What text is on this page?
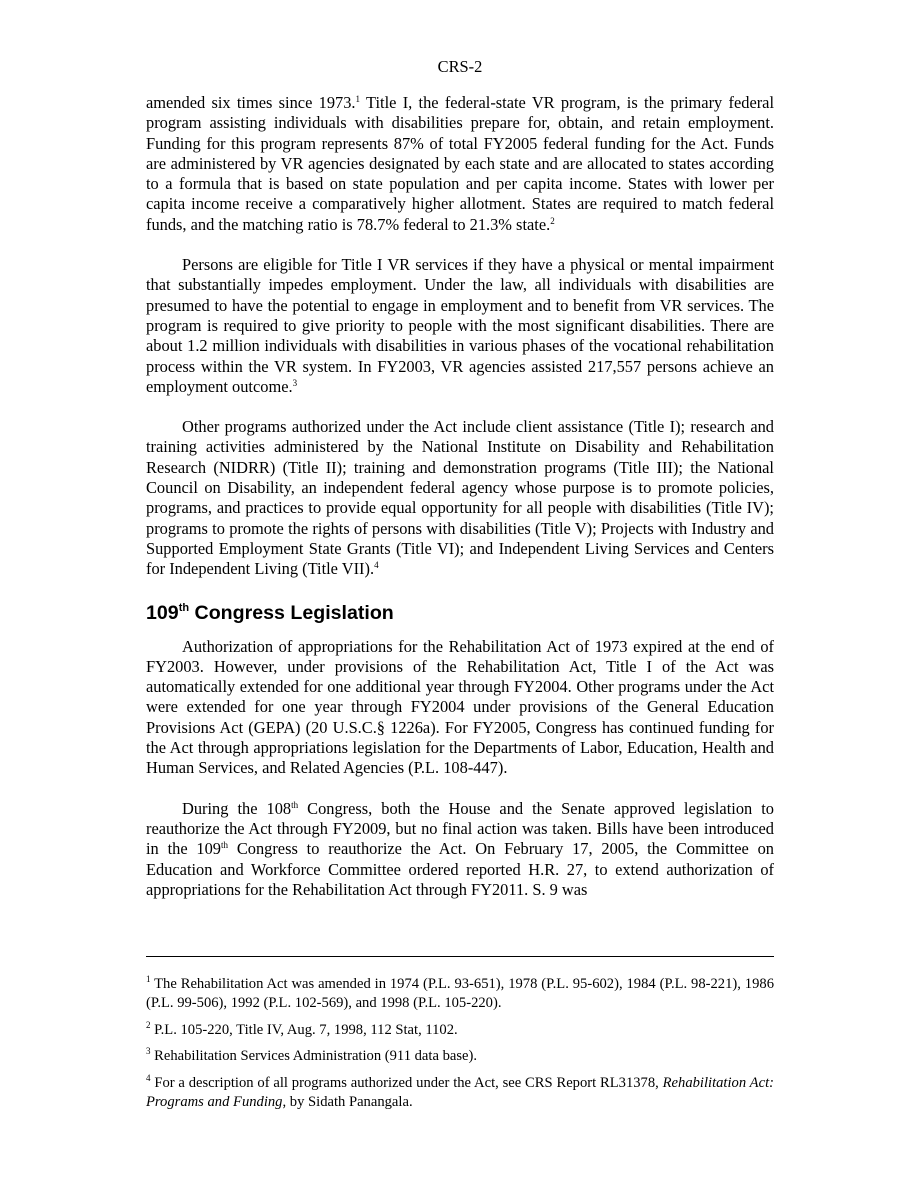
CRS-2

amended six times since 1973.$^1$ Title I, the federal-state VR program, is the primary federal program assisting individuals with disabilities prepare for, obtain, and retain employment. Funding for this program represents 87% of total FY2005 federal funding for the Act. Funds are administered by VR agencies designated by each state and are allocated to states according to a formula that is based on state population and per capita income. States with lower per capita income receive a comparatively higher allotment. States are required to match federal funds, and the matching ratio is 78.7% federal to 21.3% state.$^2$

Persons are eligible for Title I VR services if they have a physical or mental impairment that substantially impedes employment. Under the law, all individuals with disabilities are presumed to have the potential to engage in employment and to benefit from VR services. The program is required to give priority to people with the most significant disabilities. There are about 1.2 million individuals with disabilities in various phases of the vocational rehabilitation process within the VR system. In FY2003, VR agencies assisted 217,557 persons achieve an employment outcome.$^3$

Other programs authorized under the Act include client assistance (Title I); research and training activities administered by the National Institute on Disability and Rehabilitation Research (NIDRR) (Title II); training and demonstration programs (Title III); the National Council on Disability, an independent federal agency whose purpose is to promote policies, programs, and practices to provide equal opportunity for all people with disabilities (Title IV); programs to promote the rights of persons with disabilities (Title V); Projects with Industry and Supported Employment State Grants (Title VI); and Independent Living Services and Centers for Independent Living (Title VII).$^4$

109th Congress Legislation

Authorization of appropriations for the Rehabilitation Act of 1973 expired at the end of FY2003. However, under provisions of the Rehabilitation Act, Title I of the Act was automatically extended for one additional year through FY2004. Other programs under the Act were extended for one year through FY2004 under provisions of the General Education Provisions Act (GEPA) (20 U.S.C.§ 1226a). For FY2005, Congress has continued funding for the Act through appropriations legislation for the Departments of Labor, Education, Health and Human Services, and Related Agencies (P.L. 108-447).

During the 108th Congress, both the House and the Senate approved legislation to reauthorize the Act through FY2009, but no final action was taken. Bills have been introduced in the 109th Congress to reauthorize the Act. On February 17, 2005, the Committee on Education and Workforce Committee ordered reported H.R. 27, to extend authorization of appropriations for the Rehabilitation Act through FY2011. S. 9 was

$^1$ The Rehabilitation Act was amended in 1974 (P.L. 93-651), 1978 (P.L. 95-602), 1984 (P.L. 98-221), 1986 (P.L. 99-506), 1992 (P.L. 102-569), and 1998 (P.L. 105-220).

$^2$ P.L. 105-220, Title IV, Aug. 7, 1998, 112 Stat, 1102.

$^3$ Rehabilitation Services Administration (911 data base).

$^4$ For a description of all programs authorized under the Act, see CRS Report RL31378, Rehabilitation Act: Programs and Funding, by Sidath Panangala.
